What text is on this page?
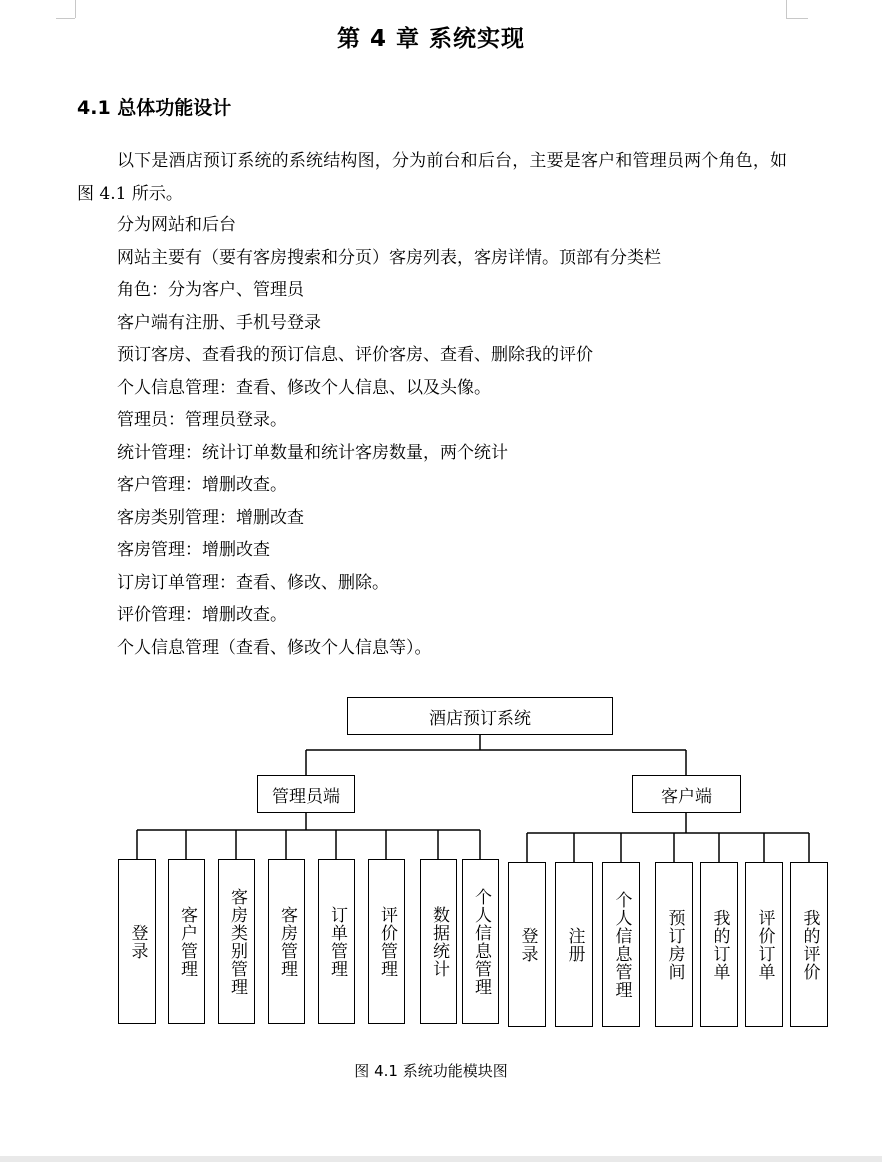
第 4 章 系统实现
4.1 总体功能设计

以下是酒店预订系统的系统结构图，分为前台和后台，主要是客户和管理员两个角色，如图 4.1 所示。

分为网站和后台
网站主要有（要有客房搜索和分页）客房列表，客房详情。顶部有分类栏
角色：分为客户、管理员
客户端有注册、手机号登录
预订客房、查看我的预订信息、评价客房、查看、删除我的评价
个人信息管理：查看、修改个人信息、以及头像。
管理员：管理员登录。
统计管理：统计订单数量和统计客房数量，两个统计
客户管理：增删改查。
客房类别管理：增删改查
客房管理：增删改查
订房订单管理：查看、修改、删除。
评价管理：增删改查。
个人信息管理（查看、修改个人信息等）。
酒店预订系统
管理员端	客户端
登录 客户管理 客房类别管理 客房管理 订单管理 评价管理 数据统计 个人信息管理 登录 注册 个人信息管理 预订房间 我的订单 评价订单 我的评价
图 4.1 系统功能模块图
